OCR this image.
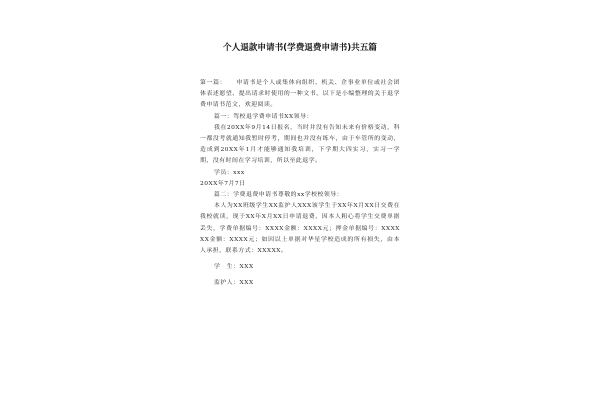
个人退款申请书(学费退费申请书)共五篇

第一篇：　　申请书是个人或集体向组织、机关、企事业单位或社会团体表述愿望、提出请求时使用的一种文书，以下是小编整理的关于退学费申请书范文，欢迎阅读。

篇一：驾校退学费申请书XX领导：

我在20XX年9月14日报名，当时并没有告知未来有价格变动，科一都没考就通知我暂时停考，期间也并没有练车，由于车管所的变动，造成到20XX年1月才能够通知我培训，下学期大四实习，实习一学期，没有时间在学习培训，所以至此退学。

学员：xxx

20XX年7月7日

篇二：学费退费申请书尊敬的xx学校校领导：

本人为XX班级学生XX监护人XXX该学生于XX年X月XX日交费在我校就读，现于XX年X月XX日申请退费，因本人粗心将学生交费单据丢失，学费单据编号：XXXX金额：XXXX元；押金单据编号：XXXXXX金额：XXXX元；如因以上单据对华星学校造成的所有损失，由本人承担，联系方式：XXXXX。

学　生：XXX

监护人：XXX
